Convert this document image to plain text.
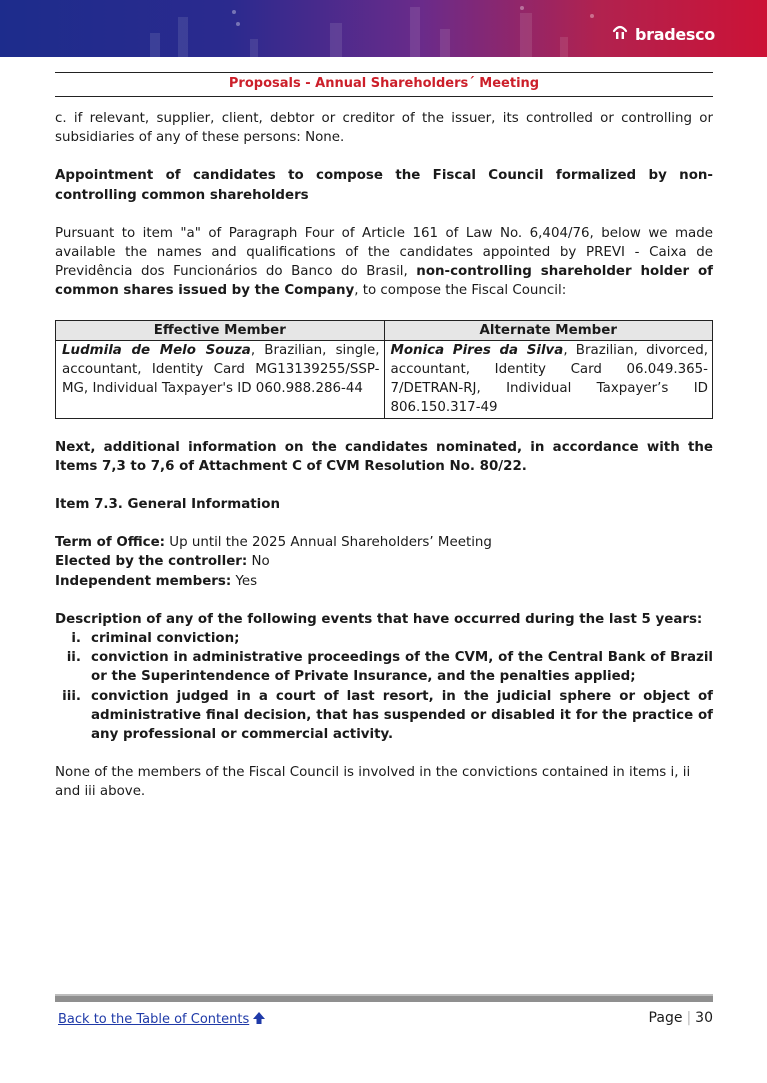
bradesco
Proposals - Annual Shareholders´ Meeting

c. if relevant, supplier, client, debtor or creditor of the issuer, its controlled or controlling or subsidiaries of any of these persons: None.

Appointment of candidates to compose the Fiscal Council formalized by non-controlling common shareholders

Pursuant to item "a" of Paragraph Four of Article 161 of Law No. 6,404/76, below we made available the names and qualifications of the candidates appointed by PREVI - Caixa de Previdência dos Funcionários do Banco do Brasil, non-controlling shareholder holder of common shares issued by the Company, to compose the Fiscal Council:

Effective Member	Alternate Member
Ludmila de Melo Souza, Brazilian, single, accountant, Identity Card MG13139255/SSP-MG, Individual Taxpayer's ID 060.988.286-44	Monica Pires da Silva, Brazilian, divorced, accountant, Identity Card 06.049.365-7/DETRAN-RJ, Individual Taxpayer’s ID 806.150.317-49

Next, additional information on the candidates nominated, in accordance with the Items 7,3 to 7,6 of Attachment C of CVM Resolution No. 80/22.

Item 7.3. General Information

Term of Office: Up until the 2025 Annual Shareholders’ Meeting

Elected by the controller: No

Independent members: Yes

Description of any of the following events that have occurred during the last 5 years:

i. criminal conviction;
ii. conviction in administrative proceedings of the CVM, of the Central Bank of Brazil or the Superintendence of Private Insurance, and the penalties applied;
iii. conviction judged in a court of last resort, in the judicial sphere or object of administrative final decision, that has suspended or disabled it for the practice of any professional or commercial activity.

None of the members of the Fiscal Council is involved in the convictions contained in items i, ii and iii above.

Back to the Table of Contents	Page | 30
